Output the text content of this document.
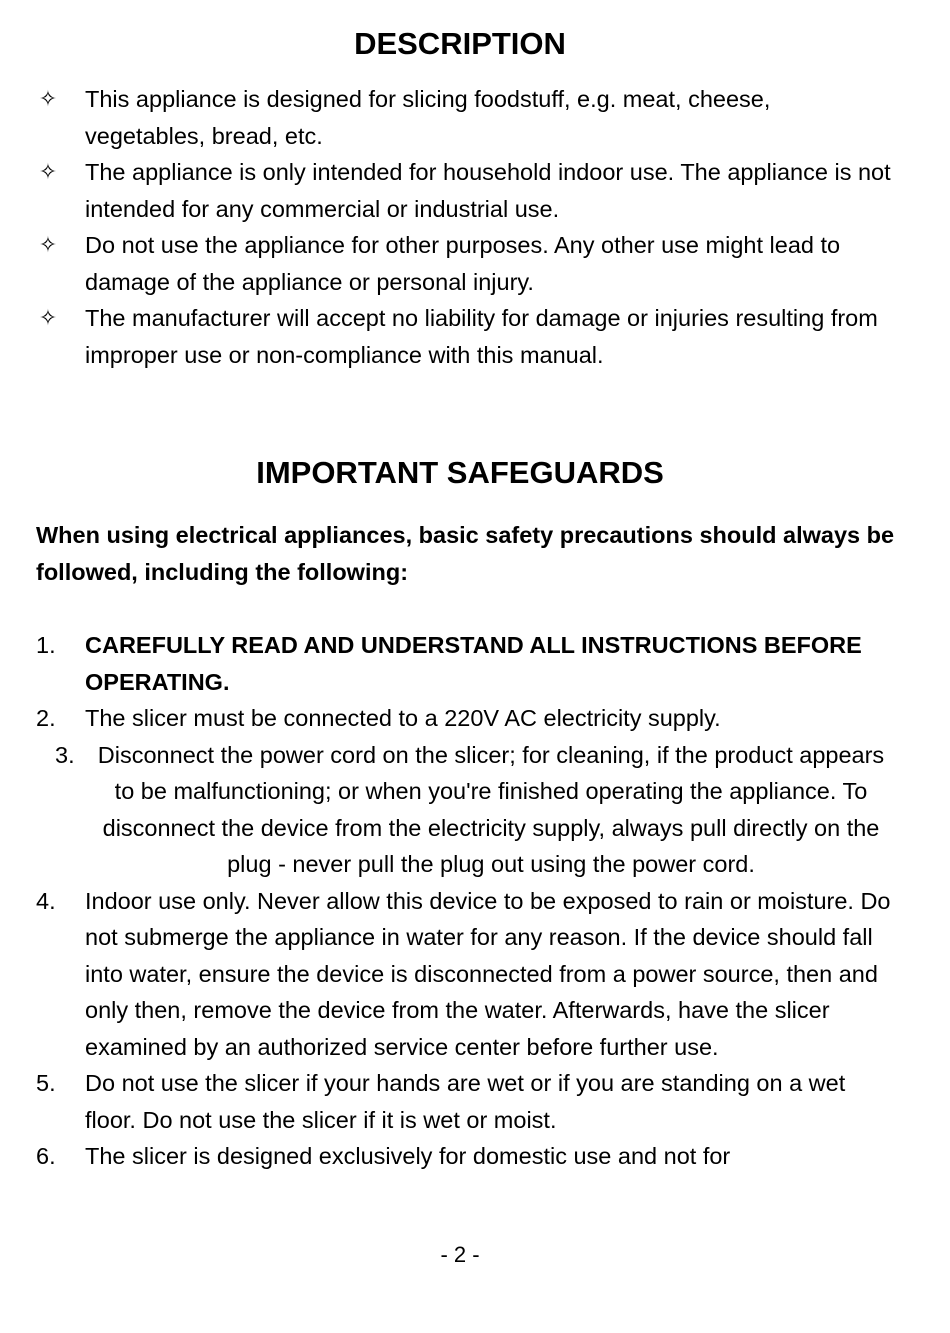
DESCRIPTION
✧ This appliance is designed for slicing foodstuff, e.g. meat, cheese, vegetables, bread, etc.
✧ The appliance is only intended for household indoor use. The appliance is not intended for any commercial or industrial use.
✧ Do not use the appliance for other purposes. Any other use might lead to damage of the appliance or personal injury.
✧ The manufacturer will accept no liability for damage or injuries resulting from improper use or non-compliance with this manual.
IMPORTANT SAFEGUARDS

When using electrical appliances, basic safety precautions should always be followed, including the following:

1. CAREFULLY READ AND UNDERSTAND ALL INSTRUCTIONS BEFORE OPERATING.
2. The slicer must be connected to a 220V AC electricity supply.
3. Disconnect the power cord on the slicer; for cleaning, if the product appears to be malfunctioning; or when you're finished operating the appliance. To disconnect the device from the electricity supply, always pull directly on the plug - never pull the plug out using the power cord.
4. Indoor use only. Never allow this device to be exposed to rain or moisture. Do not submerge the appliance in water for any reason. If the device should fall into water, ensure the device is disconnected from a power source, then and only then, remove the device from the water. Afterwards, have the slicer examined by an authorized service center before further use.
5. Do not use the slicer if your hands are wet or if you are standing on a wet floor. Do not use the slicer if it is wet or moist.
6. The slicer is designed exclusively for domestic use and not for

- 2 -
